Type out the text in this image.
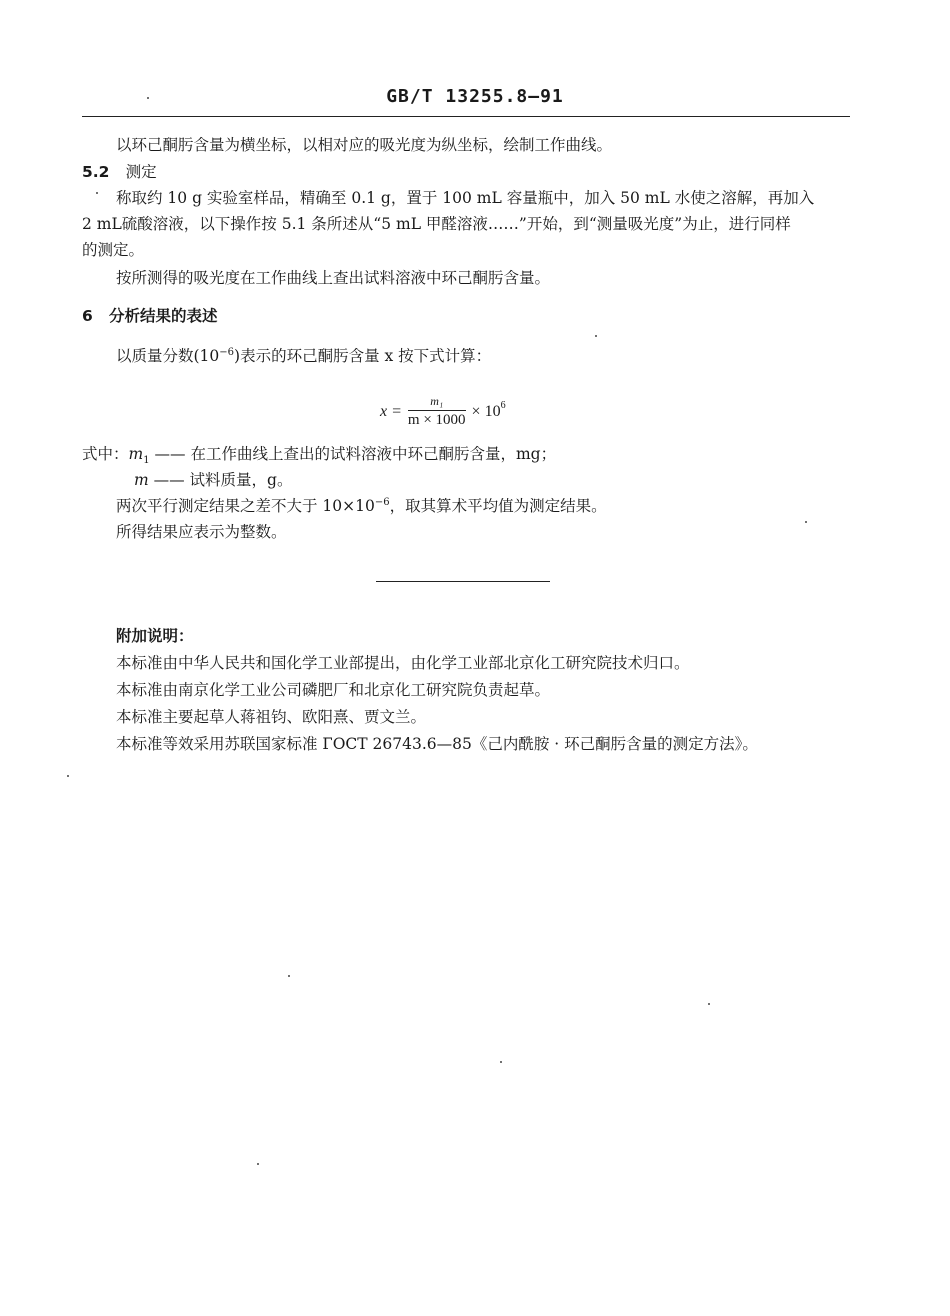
GB/T 13255.8—91
以环己酮肟含量为横坐标，以相对应的吸光度为纵坐标，绘制工作曲线。
5.2 测定
称取约 10 g 实验室样品，精确至 0.1 g，置于 100 mL 容量瓶中，加入 50 mL 水使之溶解，再加入
2 mL硫酸溶液，以下操作按 5.1 条所述从“5 mL 甲醛溶液……”开始，到“测量吸光度”为止，进行同样
的测定。
按所测得的吸光度在工作曲线上查出试料溶液中环己酮肟含量。
6 分析结果的表述
以质量分数$(10^{-6})$表示的环己酮肟含量 x 按下式计算：
$x = \frac{\text{m₁}}{m \times 1000} \times 10^6$
式中：$m_1$ —— 在工作曲线上查出的试料溶液中环己酮肟含量，mg；
m —— 试料质量，g。
两次平行测定结果之差不大于 $10\times 10^{-6}$，取其算术平均值为测定结果。
所得结果应表示为整数。
附加说明：
本标准由中华人民共和国化学工业部提出，由化学工业部北京化工研究院技术归口。
本标准由南京化学工业公司磷肥厂和北京化工研究院负责起草。
本标准主要起草人蒋祖钧、欧阳熹、贾文兰。
本标准等效采用苏联国家标准 ГОСТ 26743.6—85《己内酰胺 · 环己酮肟含量的测定方法》。
